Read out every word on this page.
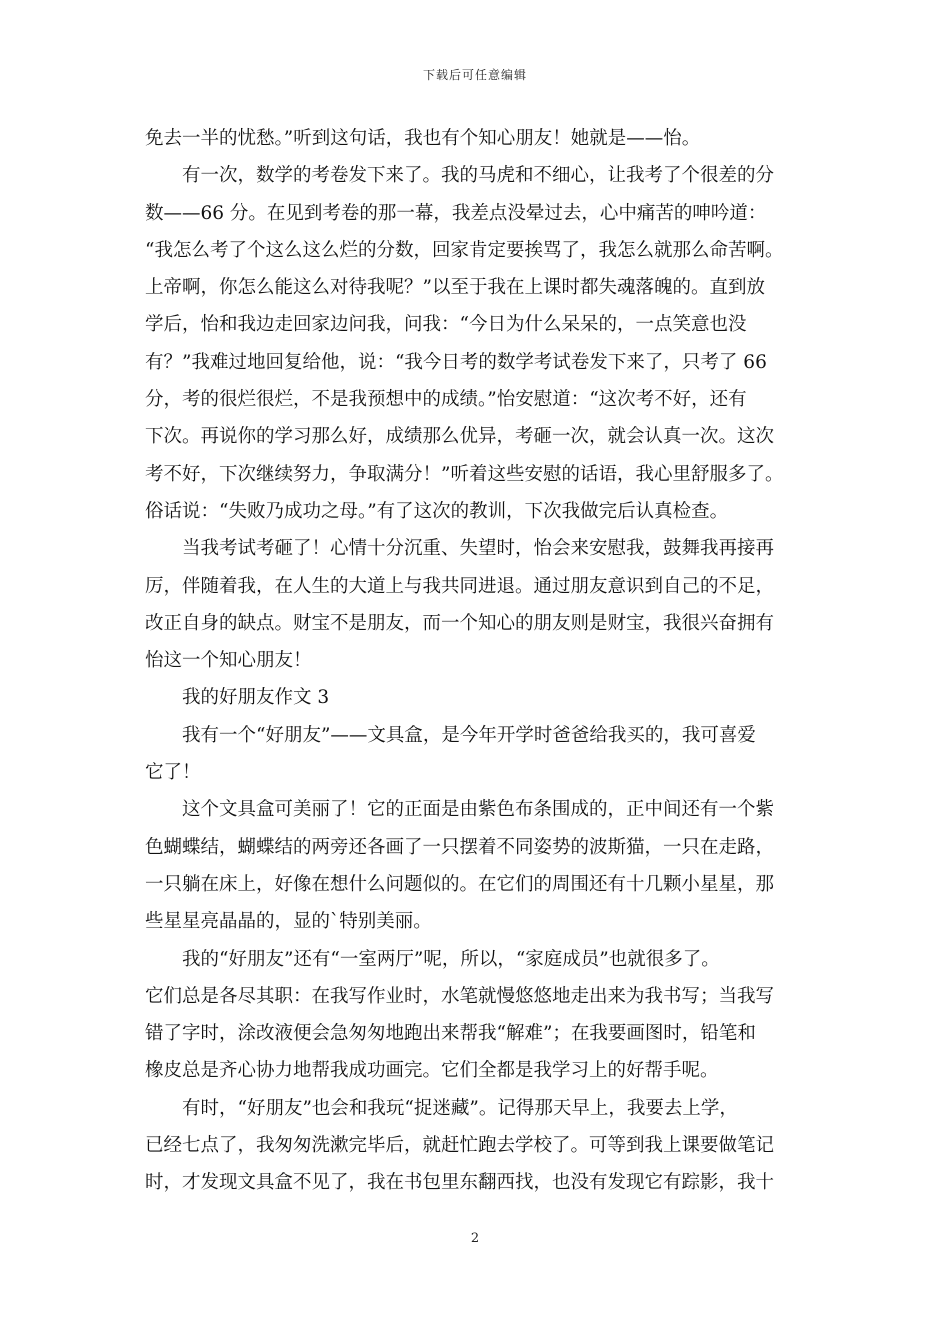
下载后可任意编辑
免去一半的忧愁。”听到这句话，我也有个知心朋友！她就是——怡。
有一次，数学的考卷发下来了。我的马虎和不细心，让我考了个很差的分
数——66 分。在见到考卷的那一幕，我差点没晕过去，心中痛苦的呻吟道：
“我怎么考了个这么这么烂的分数，回家肯定要挨骂了，我怎么就那么命苦啊。
上帝啊，你怎么能这么对待我呢？”以至于我在上课时都失魂落魄的。直到放
学后，怡和我边走回家边问我，问我：“今日为什么呆呆的，一点笑意也没
有？”我难过地回复给他，说：“我今日考的数学考试卷发下来了，只考了 66
分，考的很烂很烂，不是我预想中的成绩。”怡安慰道：“这次考不好，还有
下次。再说你的学习那么好，成绩那么优异，考砸一次，就会认真一次。这次
考不好，下次继续努力，争取满分！”听着这些安慰的话语，我心里舒服多了。
俗话说：“失败乃成功之母。”有了这次的教训，下次我做完后认真检查。
当我考试考砸了！心情十分沉重、失望时，怡会来安慰我，鼓舞我再接再
厉，伴随着我，在人生的大道上与我共同进退。通过朋友意识到自己的不足，
改正自身的缺点。财宝不是朋友，而一个知心的朋友则是财宝，我很兴奋拥有
怡这一个知心朋友！
我的好朋友作文 3
我有一个“好朋友”——文具盒，是今年开学时爸爸给我买的，我可喜爱
它了！
这个文具盒可美丽了！它的正面是由紫色布条围成的，正中间还有一个紫
色蝴蝶结，蝴蝶结的两旁还各画了一只摆着不同姿势的波斯猫，一只在走路，
一只躺在床上，好像在想什么问题似的。在它们的周围还有十几颗小星星，那
些星星亮晶晶的，显的`特别美丽。
我的“好朋友”还有“一室两厅”呢，所以，“家庭成员”也就很多了。
它们总是各尽其职：在我写作业时，水笔就慢悠悠地走出来为我书写；当我写
错了字时，涂改液便会急匆匆地跑出来帮我“解难”；在我要画图时，铅笔和
橡皮总是齐心协力地帮我成功画完。它们全都是我学习上的好帮手呢。
有时，“好朋友”也会和我玩“捉迷藏”。记得那天早上，我要去上学，
已经七点了，我匆匆洗漱完毕后，就赶忙跑去学校了。可等到我上课要做笔记
时，才发现文具盒不见了，我在书包里东翻西找，也没有发现它有踪影，我十
2
